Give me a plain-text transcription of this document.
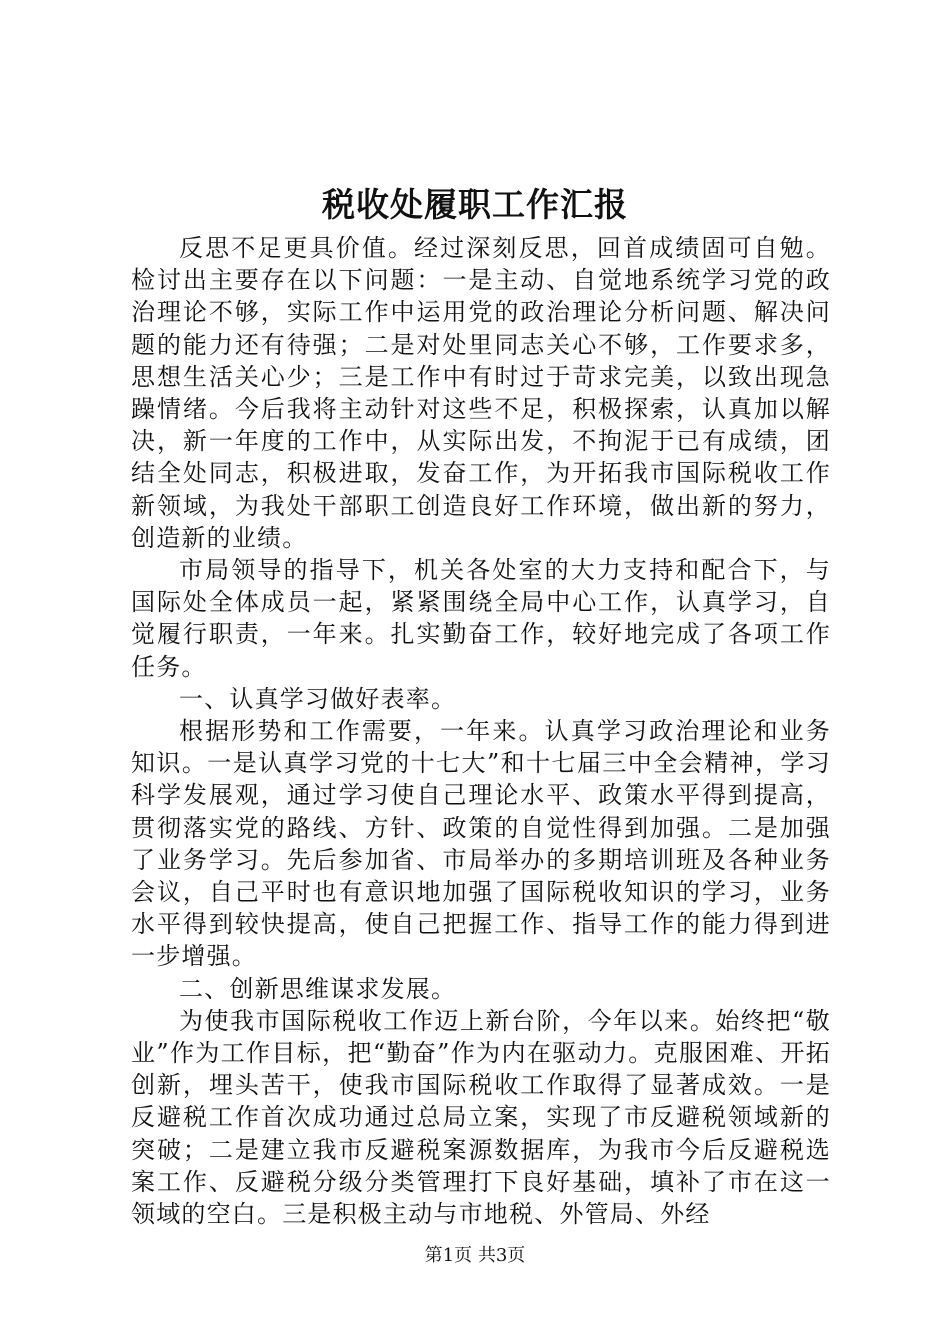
税收处履职工作汇报

反思不足更具价值。经过深刻反思，回首成绩固可自勉。检讨出主要存在以下问题：一是主动、自觉地系统学习党的政治理论不够，实际工作中运用党的政治理论分析问题、解决问题的能力还有待强；二是对处里同志关心不够，工作要求多，思想生活关心少；三是工作中有时过于苛求完美，以致出现急躁情绪。今后我将主动针对这些不足，积极探索，认真加以解决，新一年度的工作中，从实际出发，不拘泥于已有成绩，团结全处同志，积极进取，发奋工作，为开拓我市国际税收工作新领域，为我处干部职工创造良好工作环境，做出新的努力，创造新的业绩。

市局领导的指导下，机关各处室的大力支持和配合下，与国际处全体成员一起，紧紧围绕全局中心工作，认真学习，自觉履行职责，一年来。扎实勤奋工作，较好地完成了各项工作任务。

一、认真学习做好表率。

根据形势和工作需要，一年来。认真学习政治理论和业务知识。一是认真学习党的十七大”和十七届三中全会精神，学习科学发展观，通过学习使自己理论水平、政策水平得到提高，贯彻落实党的路线、方针、政策的自觉性得到加强。二是加强了业务学习。先后参加省、市局举办的多期培训班及各种业务会议，自己平时也有意识地加强了国际税收知识的学习，业务水平得到较快提高，使自己把握工作、指导工作的能力得到进一步增强。

二、创新思维谋求发展。

为使我市国际税收工作迈上新台阶，今年以来。始终把“敬业”作为工作目标，把“勤奋”作为内在驱动力。克服困难、开拓创新，埋头苦干，使我市国际税收工作取得了显著成效。一是反避税工作首次成功通过总局立案，实现了市反避税领域新的突破；二是建立我市反避税案源数据库，为我市今后反避税选案工作、反避税分级分类管理打下良好基础，填补了市在这一领域的空白。三是积极主动与市地税、外管局、外经

第1页 共3页
